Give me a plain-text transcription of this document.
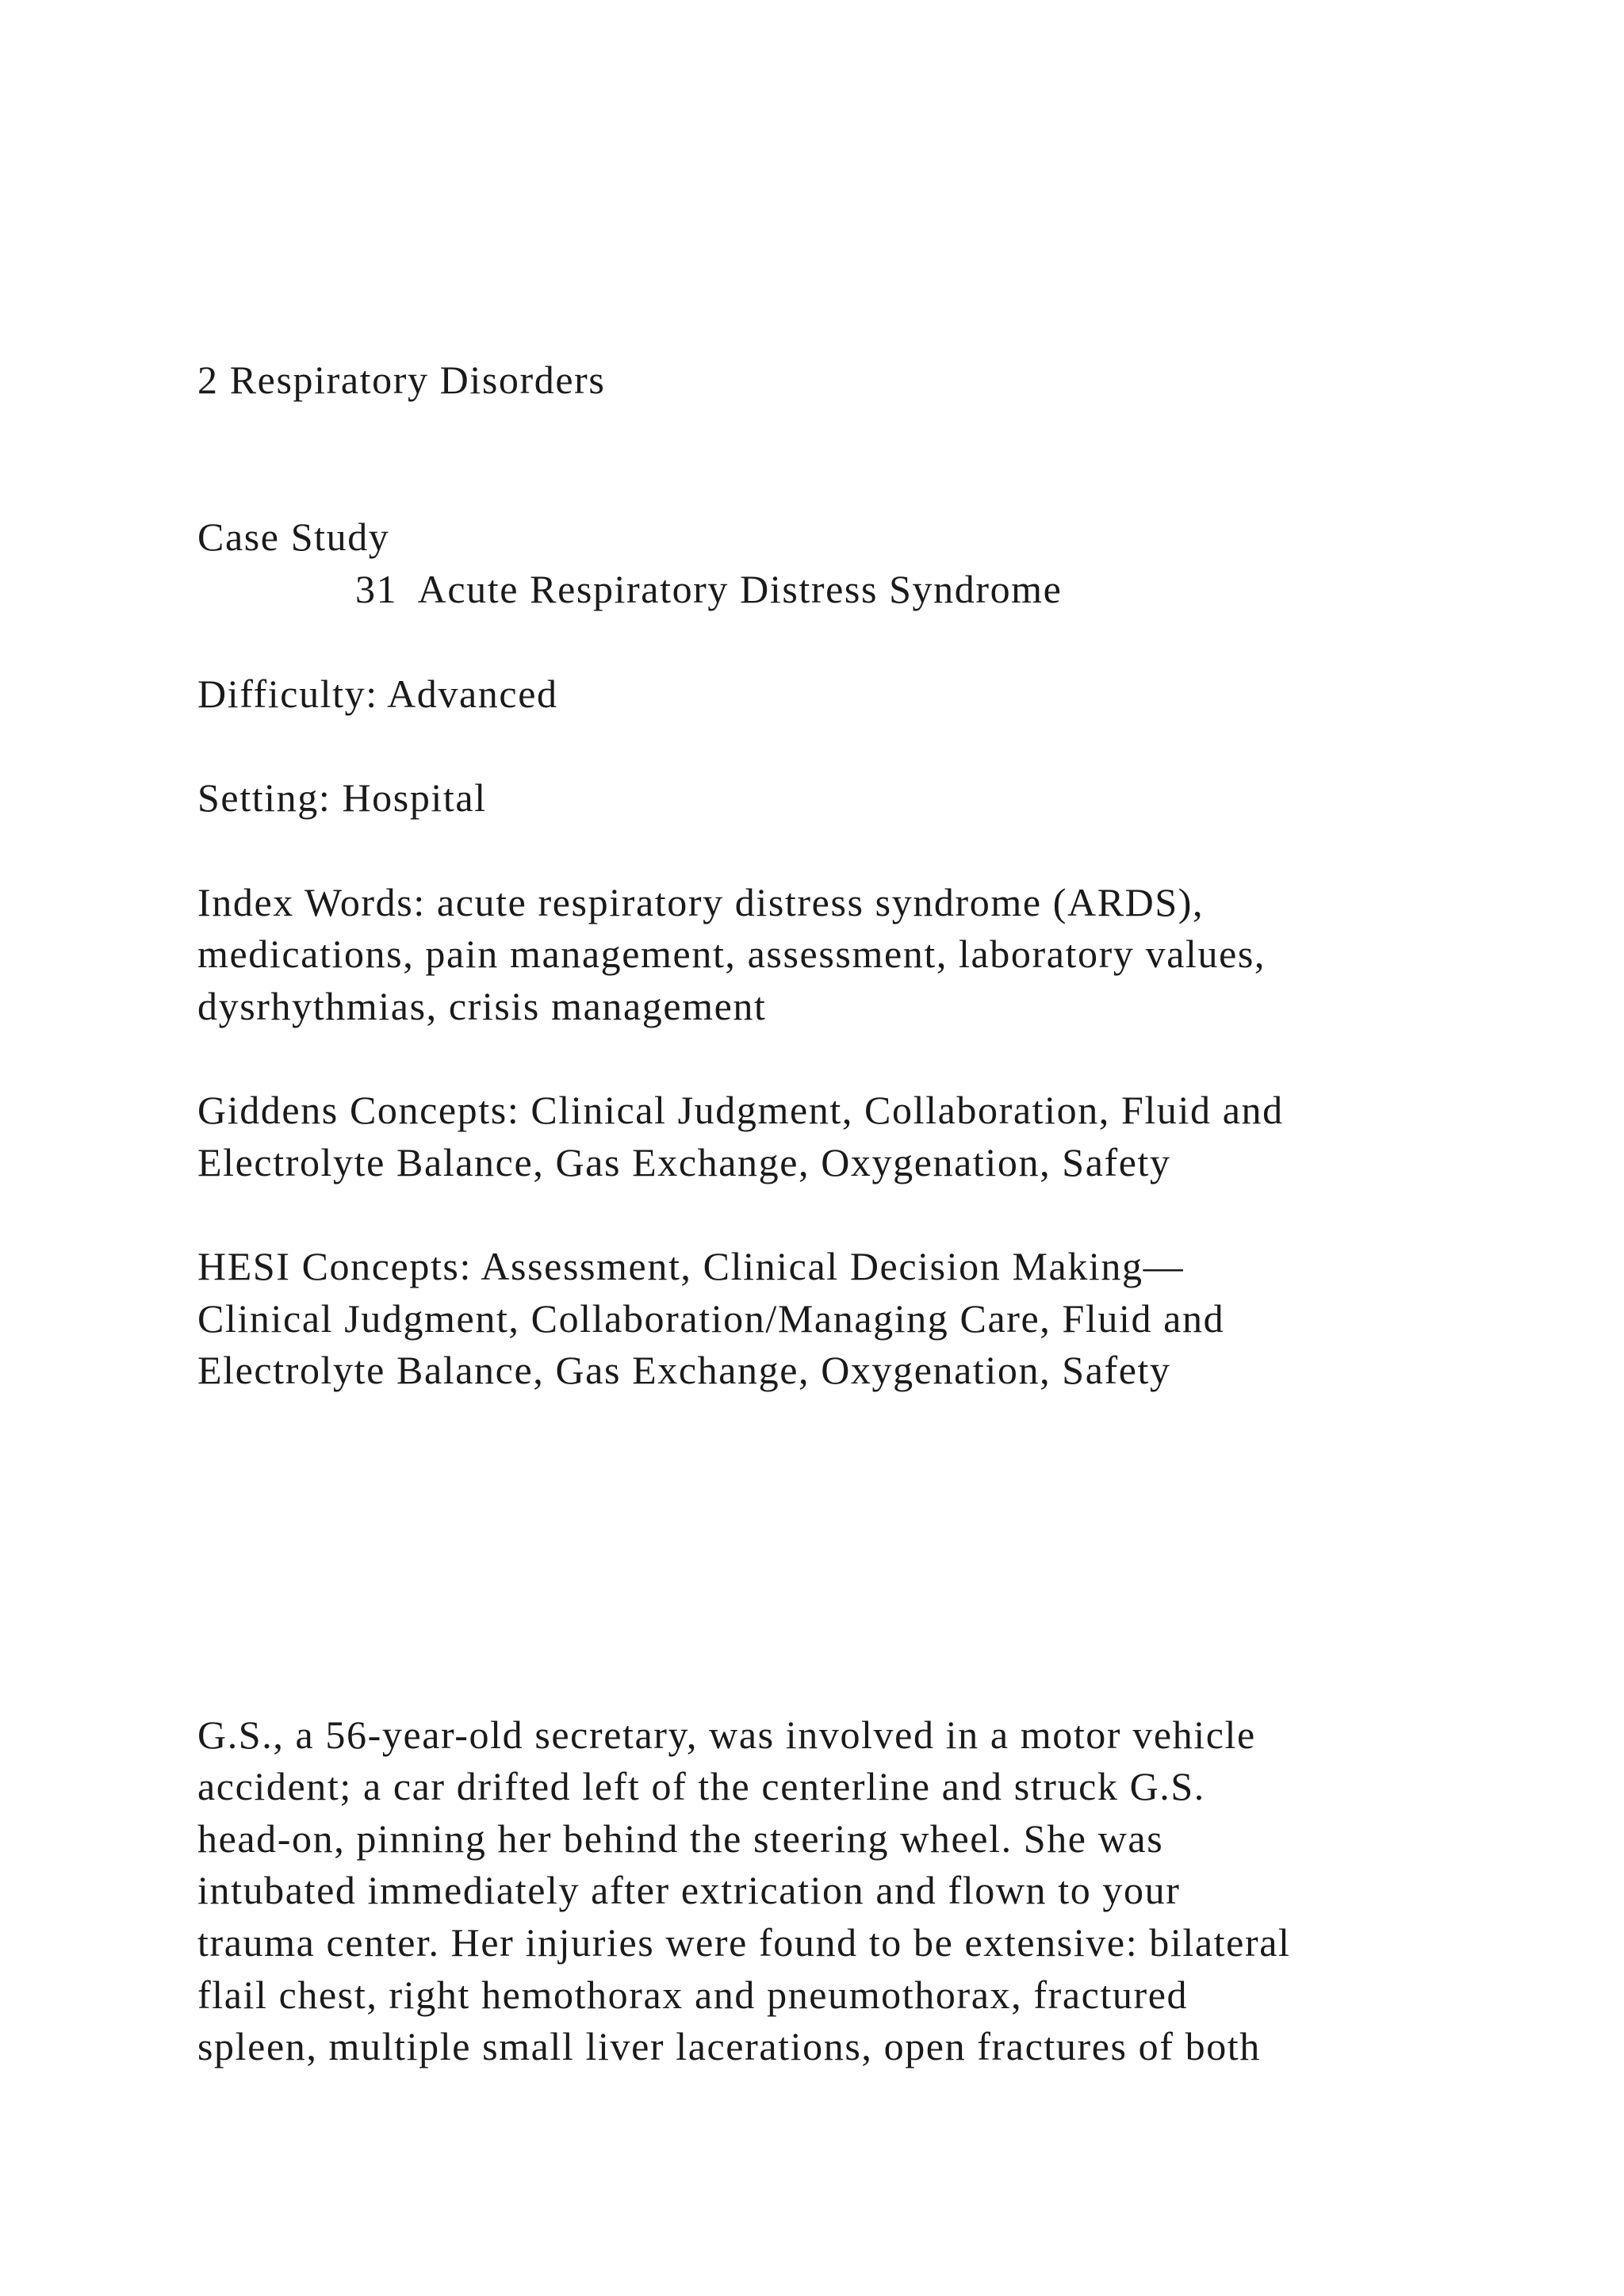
2 Respiratory Disorders
Case Study
31 Acute Respiratory Distress Syndrome
Difficulty: Advanced
Setting: Hospital
Index Words: acute respiratory distress syndrome (ARDS),
medications, pain management, assessment, laboratory values,
dysrhythmias, crisis management
Giddens Concepts: Clinical Judgment, Collaboration, Fluid and
Electrolyte Balance, Gas Exchange, Oxygenation, Safety
HESI Concepts: Assessment, Clinical Decision Making—
Clinical Judgment, Collaboration/Managing Care, Fluid and
Electrolyte Balance, Gas Exchange, Oxygenation, Safety
G.S., a 56-year-old secretary, was involved in a motor vehicle
accident; a car drifted left of the centerline and struck G.S.
head-on, pinning her behind the steering wheel. She was
intubated immediately after extrication and flown to your
trauma center. Her injuries were found to be extensive: bilateral
flail chest, right hemothorax and pneumothorax, fractured
spleen, multiple small liver lacerations, open fractures of both
